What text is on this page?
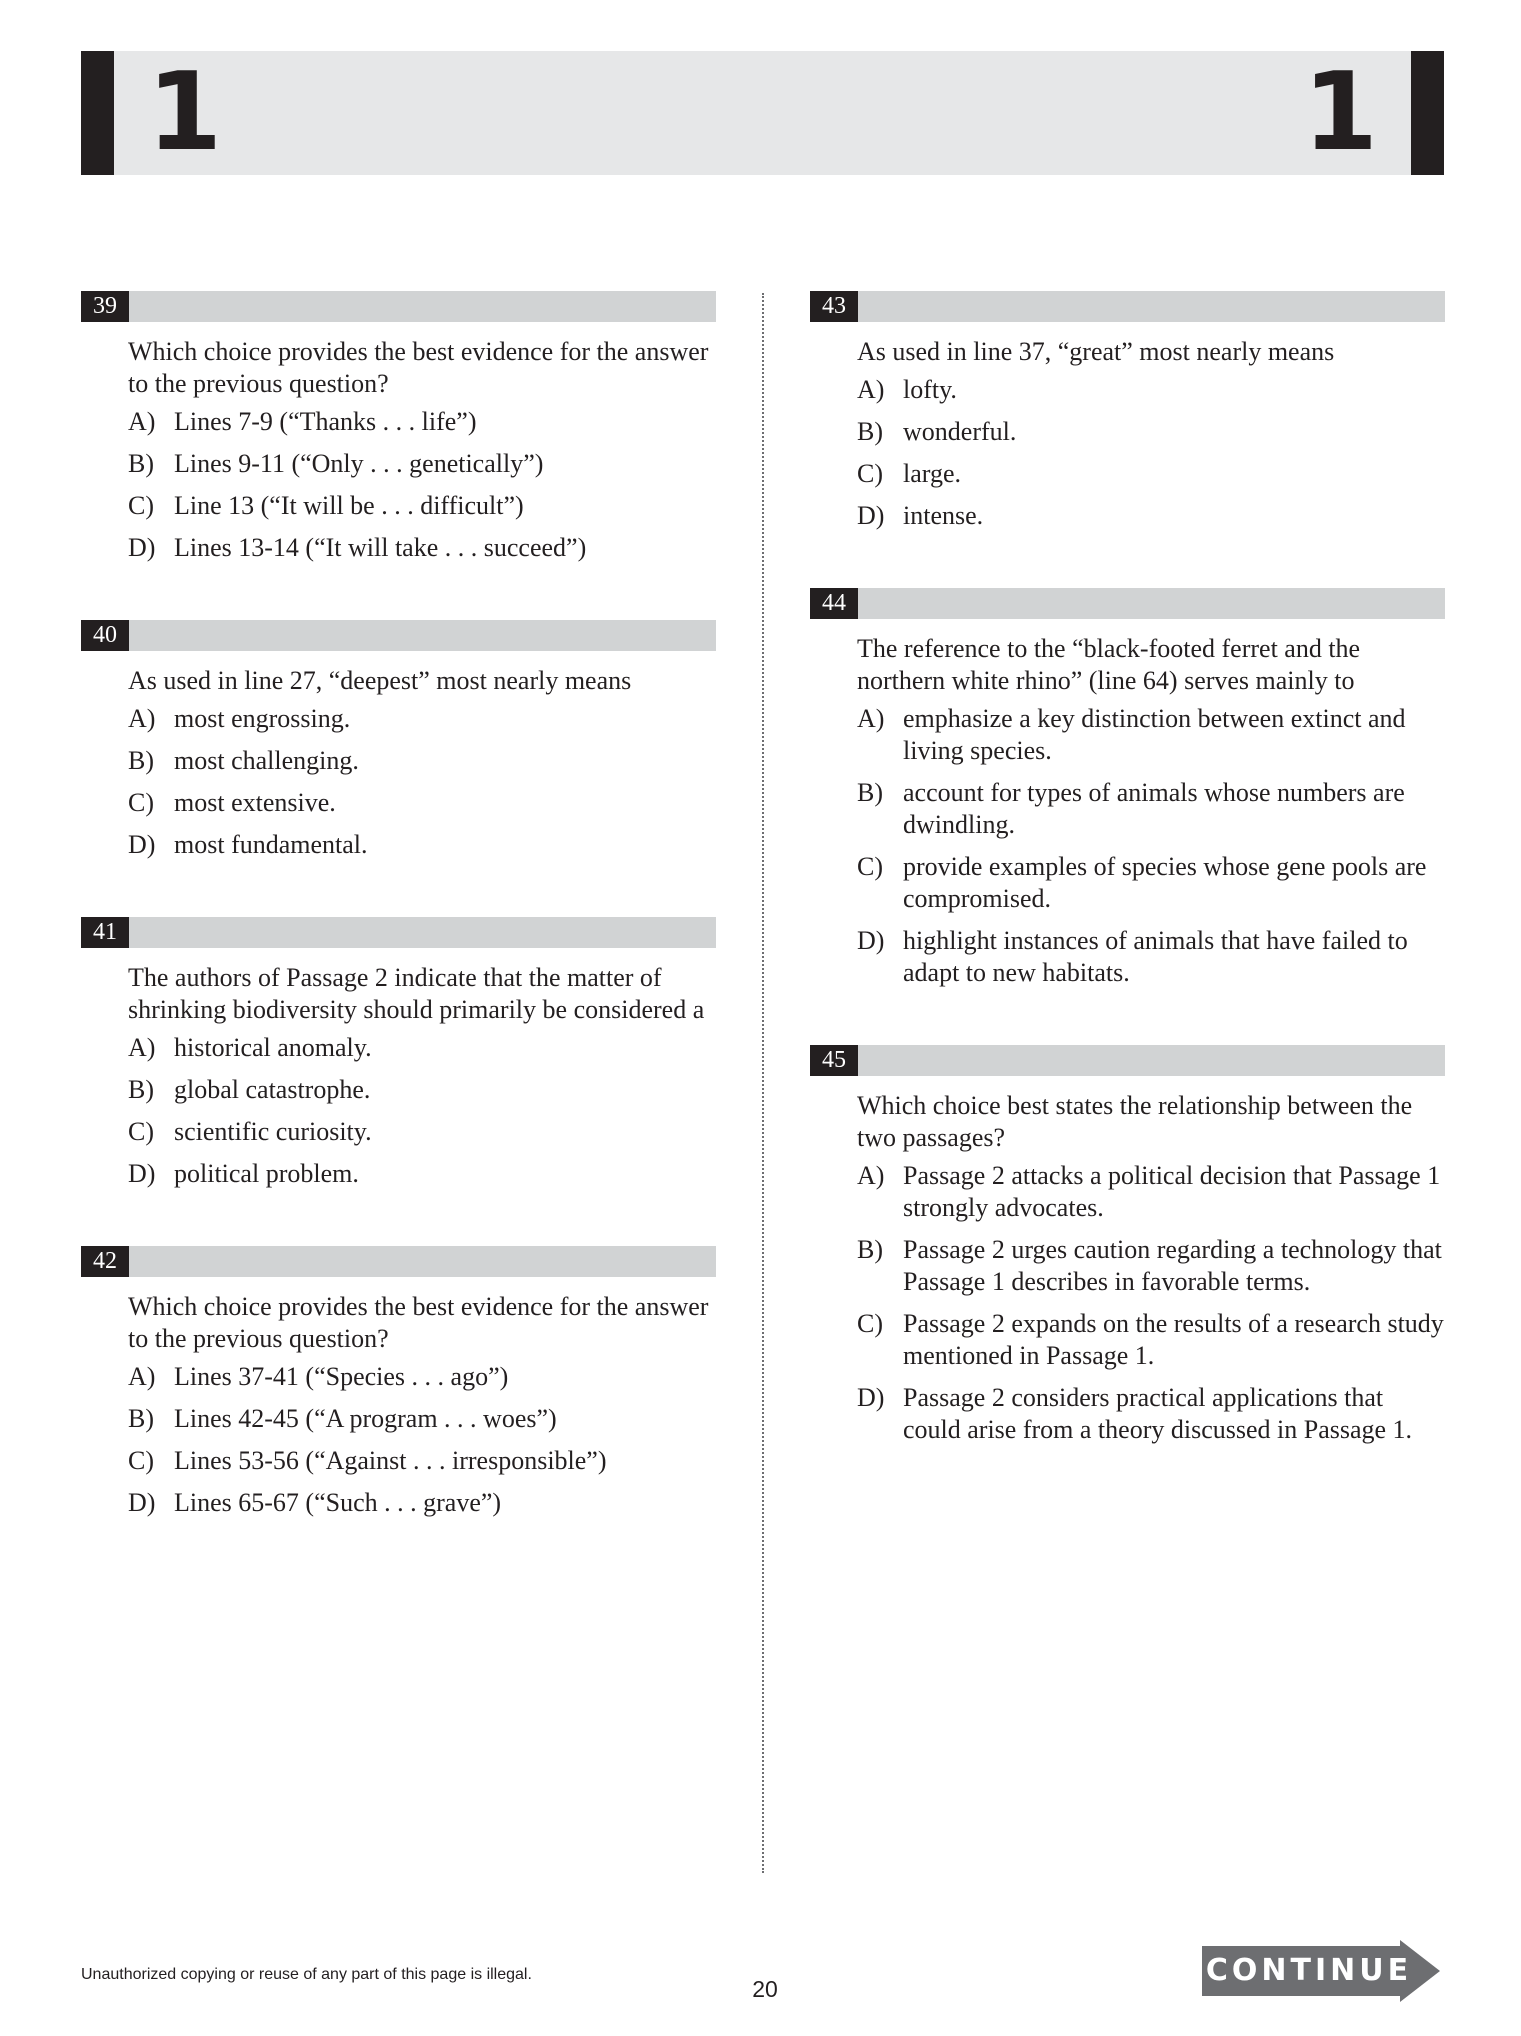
1	1
39
Which choice provides the best evidence for the answer to the previous question?
A) Lines 7-9 (“Thanks . . . life”)
B) Lines 9-11 (“Only . . . genetically”)
C) Line 13 (“It will be . . . difficult”)
D) Lines 13-14 (“It will take . . . succeed”)
40
As used in line 27, “deepest” most nearly means
A) most engrossing.
B) most challenging.
C) most extensive.
D) most fundamental.
41
The authors of Passage 2 indicate that the matter of shrinking biodiversity should primarily be considered a
A) historical anomaly.
B) global catastrophe.
C) scientific curiosity.
D) political problem.
42
Which choice provides the best evidence for the answer to the previous question?
A) Lines 37-41 (“Species . . . ago”)
B) Lines 42-45 (“A program . . . woes”)
C) Lines 53-56 (“Against . . . irresponsible”)
D) Lines 65-67 (“Such . . . grave”)
43
As used in line 37, “great” most nearly means
A) lofty.
B) wonderful.
C) large.
D) intense.
44
The reference to the “black-footed ferret and the northern white rhino” (line 64) serves mainly to
A) emphasize a key distinction between extinct and living species.
B) account for types of animals whose numbers are dwindling.
C) provide examples of species whose gene pools are compromised.
D) highlight instances of animals that have failed to adapt to new habitats.
45
Which choice best states the relationship between the two passages?
A) Passage 2 attacks a political decision that Passage 1 strongly advocates.
B) Passage 2 urges caution regarding a technology that Passage 1 describes in favorable terms.
C) Passage 2 expands on the results of a research study mentioned in Passage 1.
D) Passage 2 considers practical applications that could arise from a theory discussed in Passage 1.
Unauthorized copying or reuse of any part of this page is illegal.
20
CONTINUE
